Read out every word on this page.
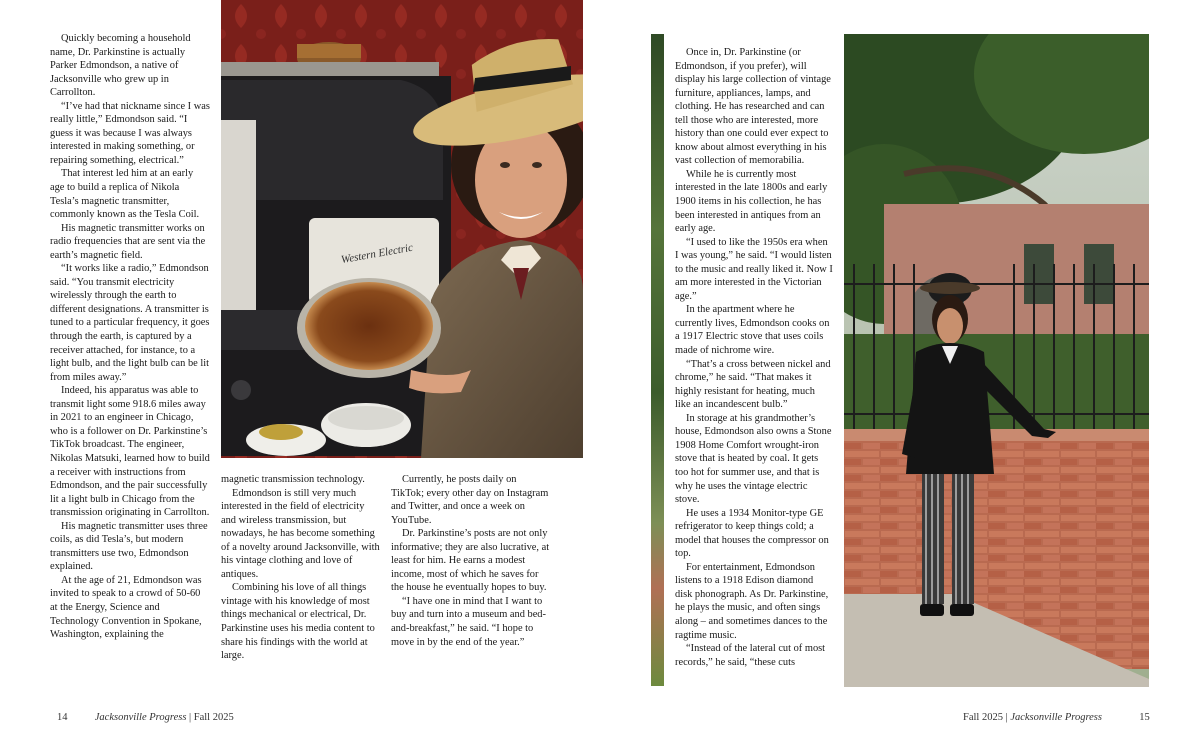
Quickly becoming a household name, Dr. Parkinstine is actually Parker Edmondson, a native of Jacksonville who grew up in Carrollton.

“I’ve had that nickname since I was really little,” Edmondson said. “I guess it was because I was always interested in making something, or repairing something, electrical.”

That interest led him at an early age to build a replica of Nikola Tesla’s magnetic transmitter, commonly known as the Tesla Coil.

His magnetic transmitter works on radio frequencies that are sent via the earth’s magnetic field.

“It works like a radio,” Edmondson said. “You transmit electricity wirelessly through the earth to different designations. A transmitter is tuned to a particular frequency, it goes through the earth, is captured by a receiver attached, for instance, to a light bulb, and the light bulb can be lit from miles away.”

Indeed, his apparatus was able to transmit light some 918.6 miles away in 2021 to an engineer in Chicago, who is a follower on Dr. Parkinstine’s TikTok broadcast. The engineer, Nikolas Matsuki, learned how to build a receiver with instructions from Edmondson, and the pair successfully lit a light bulb in Chicago from the transmission originating in Carrollton.

His magnetic transmitter uses three coils, as did Tesla’s, but modern transmitters use two, Edmondson explained.

At the age of 21, Edmondson was invited to speak to a crowd of 50-60 at the Energy, Science and Technology Convention in Spokane, Washington, explaining the

Western Electric

magnetic transmission technology.

Edmondson is still very much interested in the field of electricity and wireless transmission, but nowadays, he has become something of a novelty around Jacksonville, with his vintage clothing and love of antiques.

Combining his love of all things vintage with his knowledge of most things mechanical or electrical, Dr. Parkinstine uses his media content to share his findings with the world at large.

Currently, he posts daily on TikTok; every other day on Instagram and Twitter, and once a week on YouTube.

Dr. Parkinstine’s posts are not only informative; they are also lucrative, at least for him. He earns a modest income, most of which he saves for the house he eventually hopes to buy.

“I have one in mind that I want to buy and turn into a museum and bed-and-breakfast,” he said. “I hope to move in by the end of the year.”

14	Jacksonville Progress | Fall 2025

Once in, Dr. Parkinstine (or Edmondson, if you prefer), will display his large collection of vintage furniture, appliances, lamps, and clothing. He has researched and can tell those who are interested, more history than one could ever expect to know about almost everything in his vast collection of memorabilia.

While he is currently most interested in the late 1800s and early 1900 items in his collection, he has been interested in antiques from an early age.

“I used to like the 1950s era when I was young,” he said. “I would listen to the music and really liked it. Now I am more interested in the Victorian age.”

In the apartment where he currently lives, Edmondson cooks on a 1917 Electric stove that uses coils made of nichrome wire.

“That’s a cross between nickel and chrome,” he said. “That makes it highly resistant for heating, much like an incandescent bulb.”

In storage at his grandmother’s house, Edmondson also owns a Stone 1908 Home Comfort wrought-iron stove that is heated by coal. It gets too hot for summer use, and that is why he uses the vintage electric stove.

He uses a 1934 Monitor-type GE refrigerator to keep things cold; a model that houses the compressor on top.

For entertainment, Edmondson listens to a 1918 Edison diamond disk phonograph. As Dr. Parkinstine, he plays the music, and often sings along – and sometimes dances to the ragtime music.

“Instead of the lateral cut of most records,” he said, “these cuts

Fall 2025 | Jacksonville Progress	15
